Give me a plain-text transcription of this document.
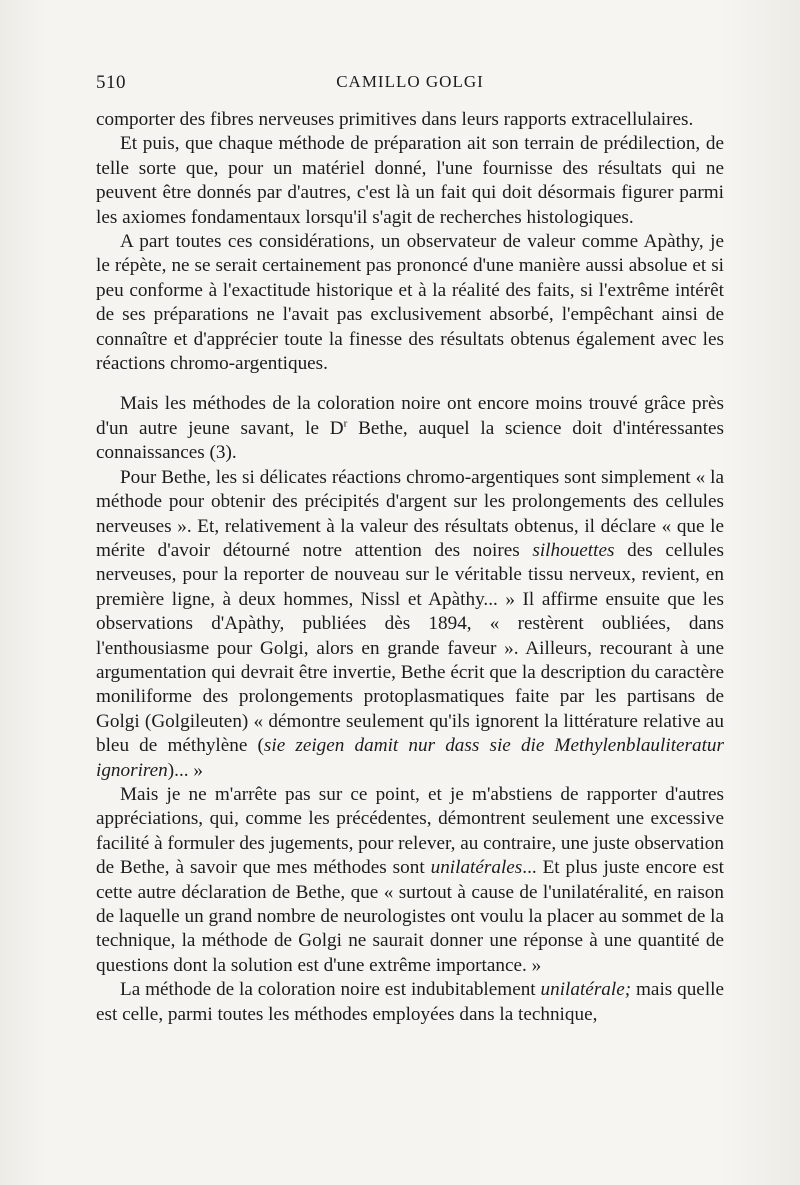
510	CAMILLO GOLGI

comporter des fibres nerveuses primitives dans leurs rapports extracellulaires.

Et puis, que chaque méthode de préparation ait son terrain de prédilection, de telle sorte que, pour un matériel donné, l'une fournisse des résultats qui ne peuvent être donnés par d'autres, c'est là un fait qui doit désormais figurer parmi les axiomes fondamentaux lorsqu'il s'agit de recherches histologiques.

A part toutes ces considérations, un observateur de valeur comme Apàthy, je le répète, ne se serait certainement pas prononcé d'une manière aussi absolue et si peu conforme à l'exactitude historique et à la réalité des faits, si l'extrême intérêt de ses préparations ne l'avait pas exclusivement absorbé, l'empêchant ainsi de connaître et d'apprécier toute la finesse des résultats obtenus également avec les réactions chromo-argentiques.

Mais les méthodes de la coloration noire ont encore moins trouvé grâce près d'un autre jeune savant, le $D^r$ Bethe, auquel la science doit d'intéressantes connaissances (3).

Pour Bethe, les si délicates réactions chromo-argentiques sont simplement « la méthode pour obtenir des précipités d'argent sur les prolongements des cellules nerveuses ». Et, relativement à la valeur des résultats obtenus, il déclare « que le mérite d'avoir détourné notre attention des noires silhouettes des cellules nerveuses, pour la reporter de nouveau sur le véritable tissu nerveux, revient, en première ligne, à deux hommes, Nissl et Apàthy... » Il affirme ensuite que les observations d'Apàthy, publiées dès 1894, « restèrent oubliées, dans l'enthousiasme pour Golgi, alors en grande faveur ». Ailleurs, recourant à une argumentation qui devrait être invertie, Bethe écrit que la description du caractère moniliforme des prolongements protoplasmatiques faite par les partisans de Golgi (Golgileuten) « démontre seulement qu'ils ignorent la littérature relative au bleu de méthylène (sie zeigen damit nur dass sie die Methylenblauliteratur ignoriren)... »

Mais je ne m'arrête pas sur ce point, et je m'abstiens de rapporter d'autres appréciations, qui, comme les précédentes, démontrent seulement une excessive facilité à formuler des jugements, pour relever, au contraire, une juste observation de Bethe, à savoir que mes méthodes sont unilatérales... Et plus juste encore est cette autre déclaration de Bethe, que « surtout à cause de l'unilatéralité, en raison de laquelle un grand nombre de neurologistes ont voulu la placer au sommet de la technique, la méthode de Golgi ne saurait donner une réponse à une quantité de questions dont la solution est d'une extrême importance. »

La méthode de la coloration noire est indubitablement unilatérale; mais quelle est celle, parmi toutes les méthodes employées dans la technique,
